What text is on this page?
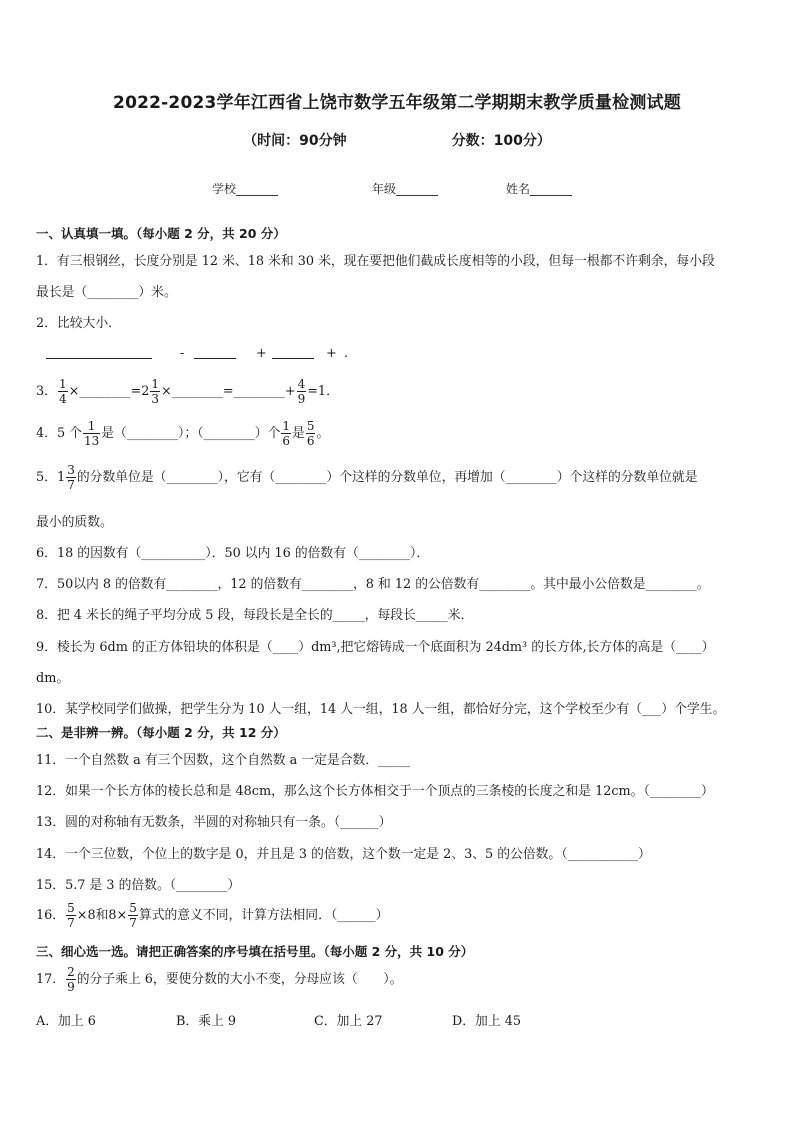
2022-2023学年江西省上饶市数学五年级第二学期期末教学质量检测试题
（时间：90分钟	分数：100分）
学校_______	年级_______	姓名_______
一、认真填一填。（每小题 2 分，共 20 分）
1．有三根钢丝，长度分别是 12 米、18 米和 30 米，现在要把他们截成长度相等的小段，但每一根都不许剩余，每小段
最长是（________）米。
2．比较大小．
-	+	+ .
3． $\frac{1}{4}$ ×________=2 $\frac{1}{3}$ ×________=________+ $\frac{4}{9} =1$．
4．5 个 $\frac{1}{13}$ 是（________）；（________）个 $\frac{1}{6}$ 是 $\frac{5}{6}$ 。
5． $1 \frac{3}{7}$ 的分数单位是（________），它有（________）个这样的分数单位，再增加（________）个这样的分数单位就是
最小的质数。
6．18 的因数有（__________）．50 以内 16 的倍数有（________）．
7．50以内 8 的倍数有________，12 的倍数有________，8 和 12 的公倍数有________。其中最小公倍数是________。
8．把 4 米长的绳子平均分成 5 段，每段长是全长的_____，每段长_____米．
9．棱长为 6dm 的正方体铅块的体积是（____）dm³,把它熔铸成一个底面积为 24dm³ 的长方体,长方体的高是（____）
dm。
10．某学校同学们做操，把学生分为 10 人一组，14 人一组，18 人一组，都恰好分完，这个学校至少有（___）个学生。
二、是非辨一辨。（每小题 2 分，共 12 分）
11．一个自然数 a 有三个因数，这个自然数 a 一定是合数．_____
12．如果一个长方体的棱长总和是 48cm，那么这个长方体相交于一个顶点的三条棱的长度之和是 12cm。（________）
13．圆的对称轴有无数条，半圆的对称轴只有一条。（______）
14．一个三位数，个位上的数字是 0，并且是 3 的倍数，这个数一定是 2、3、5 的公倍数。（___________）
15．5.7 是 3 的倍数。（________）
16． $\frac{5}{7} \times 8$和$8\times \frac{5}{7}$ 算式的意义不同，计算方法相同．（______）
三、细心选一选。请把正确答案的序号填在括号里。（每小题 2 分，共 10 分）
17． $\frac{2}{9}$ 的分子乘上 6，要使分数的大小不变，分母应该（　　）。
A．加上 6	B．乘上 9	C．加上 27	D．加上 45
